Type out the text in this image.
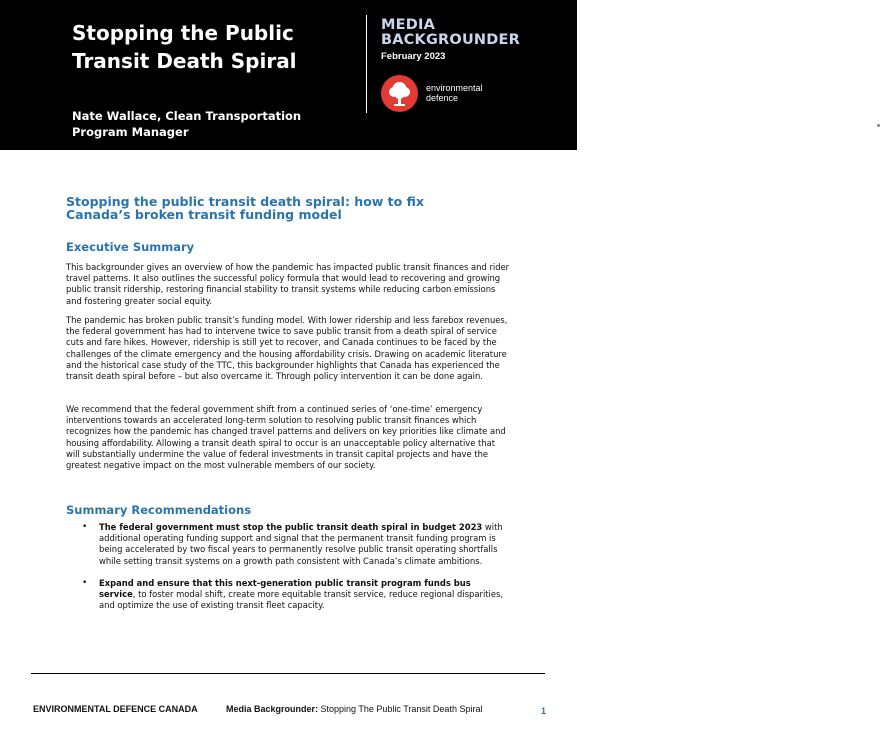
Stopping the Public Transit Death Spiral
Nate Wallace, Clean Transportation Program Manager
MEDIA
BACKGROUNDER
February 2023
environmental
defence
Stopping the public transit death spiral: how to fix Canada’s broken transit funding model
Executive Summary

This backgrounder gives an overview of how the pandemic has impacted public transit finances and rider travel patterns. It also outlines the successful policy formula that would lead to recovering and growing public transit ridership, restoring financial stability to transit systems while reducing carbon emissions and fostering greater social equity.

The pandemic has broken public transit’s funding model. With lower ridership and less farebox revenues, the federal government has had to intervene twice to save public transit from a death spiral of service cuts and fare hikes. However, ridership is still yet to recover, and Canada continues to be faced by the challenges of the climate emergency and the housing affordability crisis. Drawing on academic literature and the historical case study of the TTC, this backgrounder highlights that Canada has experienced the transit death spiral before – but also overcame it. Through policy intervention it can be done again.

We recommend that the federal government shift from a continued series of ‘one-time’ emergency interventions towards an accelerated long-term solution to resolving public transit finances which recognizes how the pandemic has changed travel patterns and delivers on key priorities like climate and housing affordability. Allowing a transit death spiral to occur is an unacceptable policy alternative that will substantially undermine the value of federal investments in transit capital projects and have the greatest negative impact on the most vulnerable members of our society.

Summary Recommendations
• The federal government must stop the public transit death spiral in budget 2023 with additional operating funding support and signal that the permanent transit funding program is being accelerated by two fiscal years to permanently resolve public transit operating shortfalls while setting transit systems on a growth path consistent with Canada’s climate ambitions.
• Expand and ensure that this next-generation public transit program funds bus service, to foster modal shift, create more equitable transit service, reduce regional disparities, and optimize the use of existing transit fleet capacity.
ENVIRONMENTAL DEFENCE CANADA	Media Backgrounder: Stopping The Public Transit Death Spiral	1
